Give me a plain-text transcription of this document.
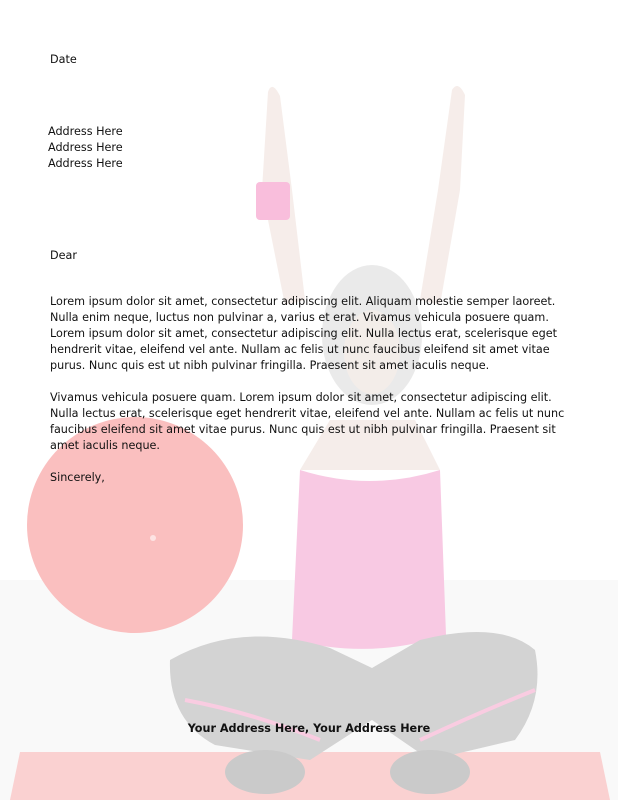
Date
Address Here
Address Here
Address Here
Dear
Lorem ipsum dolor sit amet, consectetur adipiscing elit. Aliquam molestie semper laoreet.
Nulla enim neque, luctus non pulvinar a, varius et erat. Vivamus vehicula posuere quam.
Lorem ipsum dolor sit amet, consectetur adipiscing elit. Nulla lectus erat, scelerisque eget
hendrerit vitae, eleifend vel ante. Nullam ac felis ut nunc faucibus eleifend sit amet vitae
purus. Nunc quis est ut nibh pulvinar fringilla. Praesent sit amet iaculis neque.
Vivamus vehicula posuere quam. Lorem ipsum dolor sit amet, consectetur adipiscing elit.
Nulla lectus erat, scelerisque eget hendrerit vitae, eleifend vel ante. Nullam ac felis ut nunc
faucibus eleifend sit amet vitae purus. Nunc quis est ut nibh pulvinar fringilla. Praesent sit
amet iaculis neque.
Sincerely,
Your Address Here, Your Address Here
